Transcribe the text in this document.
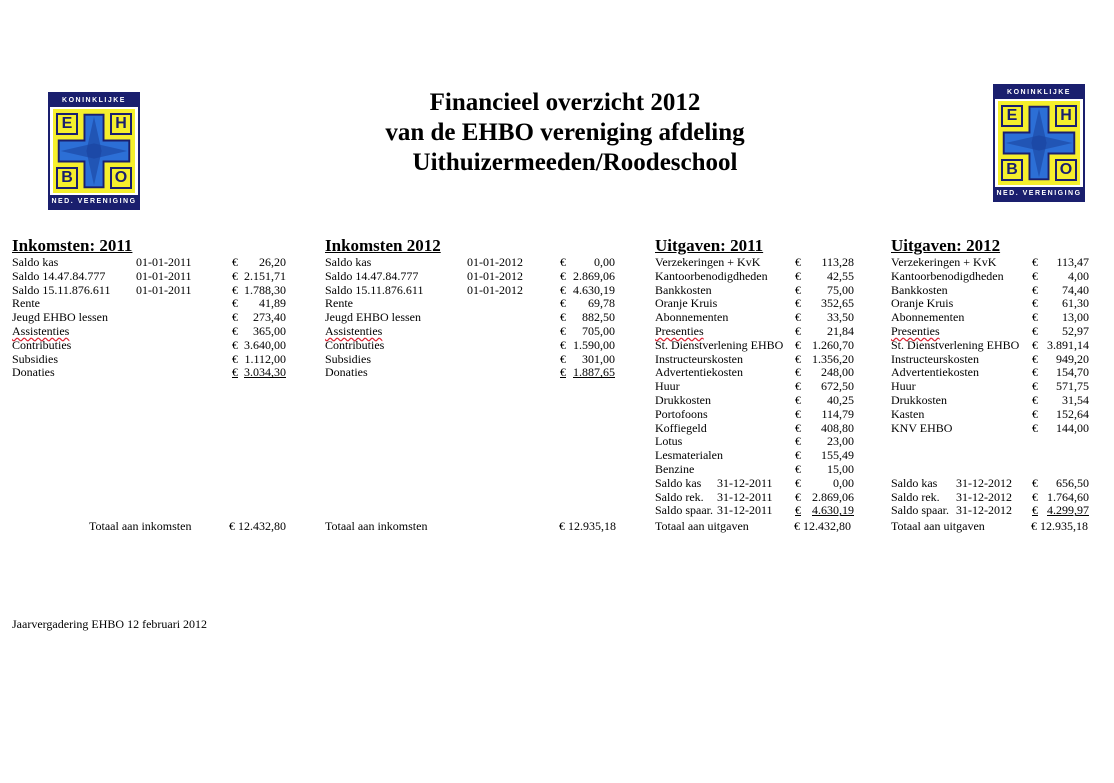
KONINKLIJKE
E	H
B	O
NED. VERENIGING
KONINKLIJKE
E	H
B	O
NED. VERENIGING
Financieel overzicht 2012
van de EHBO vereniging afdeling
Uithuizermeeden/Roodeschool
Inkomsten: 2011
Saldo kas	01-01-2011	€ 26,20
Saldo 14.47.84.777	01-01-2011	€ 2.151,71
Saldo 15.11.876.611 01-01-2011	€ 1.788,30
Rente	€ 41,89
Jeugd EHBO lessen	€ 273,40
Assistenties	€ 365,00
Contributies	€ 3.640,00
Subsidies	€ 1.112,00
Donaties	€ 3.034,30
Inkomsten 2012
Saldo kas	01-01-2012	€ 0,00
Saldo 14.47.84.777	01-01-2012	€ 2.869,06
Saldo 15.11.876.611	01-01-2012	€ 4.630,19
Rente	€ 69,78
Jeugd EHBO lessen	€ 882,50
Assistenties	€ 705,00
Contributies	€ 1.590,00
Subsidies	€ 301,00
Donaties	€ 1.887,65
Uitgaven: 2011
Verzekeringen + KvK	€ 113,28
Kantoorbenodigdheden € 42,55
Bankkosten	€ 75,00
Oranje Kruis	€ 352,65
Abonnementen	€ 33,50
Presenties	€ 21,84
St. Dienstverlening EHBO € 1.260,70
Instructeurskosten	€ 1.356,20
Advertentiekosten	€ 248,00
Huur	€ 672,50
Drukkosten	€ 40,25
Portofoons	€ 114,79
Koffiegeld	€ 408,80
Lotus	€ 23,00
Lesmaterialen	€ 155,49
Benzine	€ 15,00
Saldo kas 31-12-2011 €	0,00
Saldo rek. 31-12-2011 € 2.869,06
Saldo spaar. 31-12-2011 € 4.630,19
Uitgaven: 2012
Verzekeringen + KvK	€ 113,47
Kantoorbenodigdheden €	4,00
Bankkosten	€ 74,40
Oranje Kruis	€ 61,30
Abonnementen	€ 13,00
Presenties	€ 52,97
St. Dienstverlening EHBO € 3.891,14
Instructeurskosten	€ 949,20
Advertentiekosten	€ 154,70
Huur	€ 571,75
Drukkosten	€ 31,54
Kasten	€ 152,64
KNV EHBO	€ 144,00
Saldo kas 31-12-2012 € 656,50
Saldo rek. 31-12-2012 € 1.764,60
Saldo spaar. 31-12-2012 € 4.299,97
Totaal aan inkomsten	€ 12.432,80	Totaal aan inkomsten	€ 12.935,18	Totaal aan uitgaven	€ 12.432,80	Totaal aan uitgaven	€ 12.935,18
Jaarvergadering EHBO 12 februari 2012
